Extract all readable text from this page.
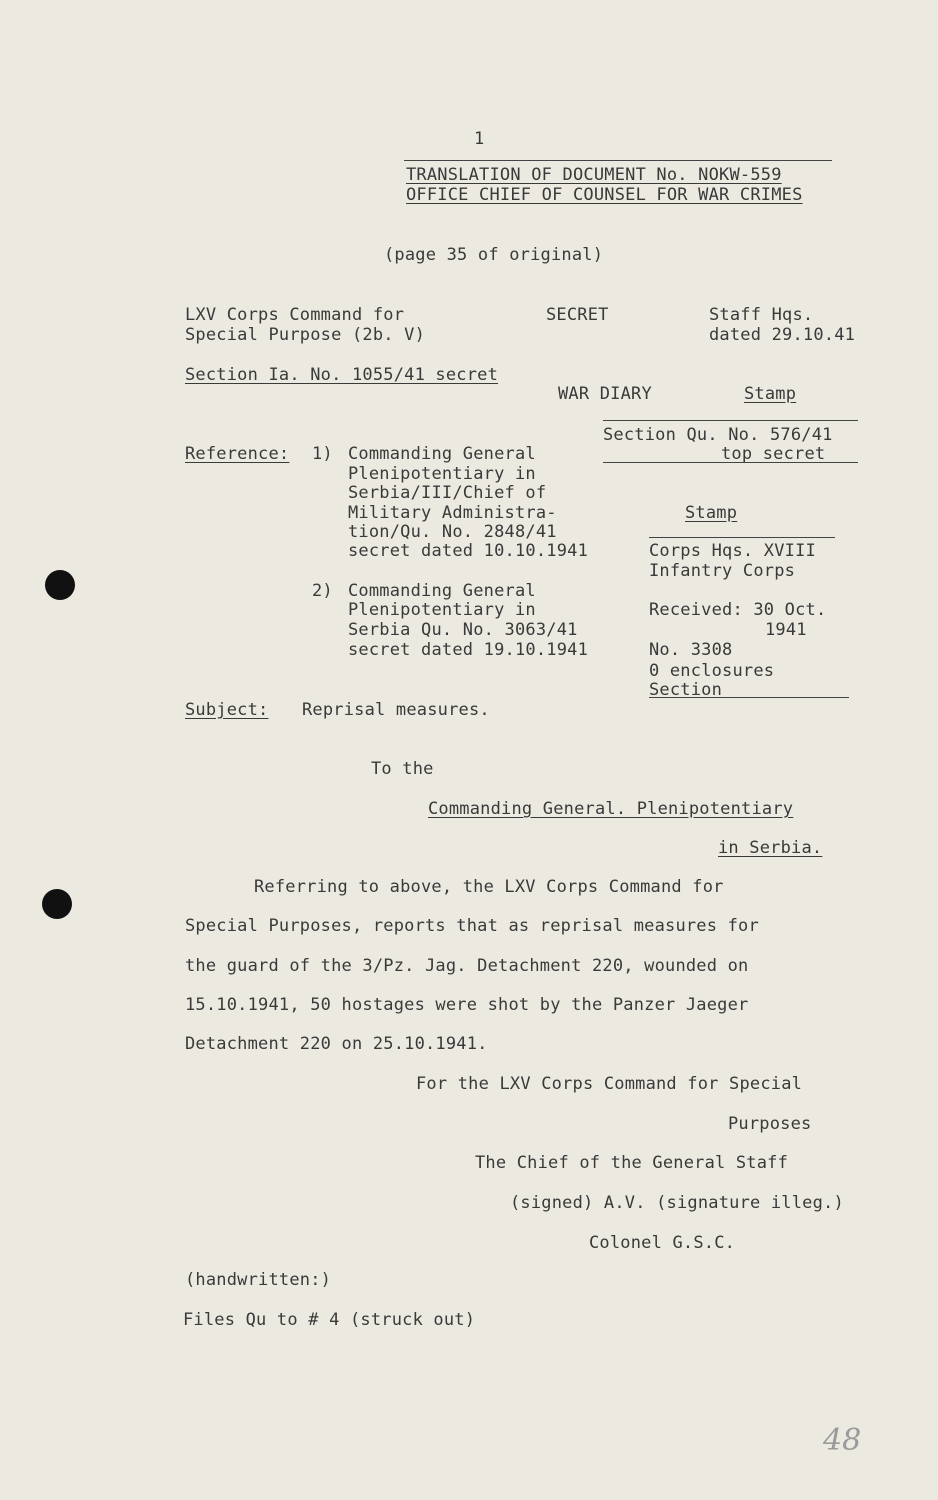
1
TRANSLATION OF DOCUMENT No. NOKW-559
OFFICE CHIEF OF COUNSEL FOR WAR CRIMES
(page 35 of original)
LXV Corps Command for
Special Purpose (2b. V)
SECRET	Staff Hqs.
dated 29.10.41
Section Ia. No. 1055/41 secret
WAR DIARY	Stamp
Section Qu. No. 576/41
top secret
Reference: 1) Commanding General
Plenipotentiary in
Serbia/III/Chief of
Military Administra-
tion/Qu. No. 2848/41
secret dated 10.10.1941
2) Commanding General
Plenipotentiary in
Serbia Qu. No. 3063/41
secret dated 19.10.1941
Stamp
Corps Hqs. XVIII
Infantry Corps
Received: 30 Oct.
1941
No. 3308
0 enclosures
Section
Subject: Reprisal measures.
To the
Commanding General. Plenipotentiary
in Serbia.
Referring to above, the LXV Corps Command for
Special Purposes, reports that as reprisal measures for
the guard of the 3/Pz. Jag. Detachment 220, wounded on
15.10.1941, 50 hostages were shot by the Panzer Jaeger
Detachment 220 on 25.10.1941.
For the LXV Corps Command for Special
Purposes
The Chief of the General Staff
(signed) A.V. (signature illeg.)
Colonel G.S.C.
(handwritten:)
Files Qu to # 4 (struck out)
48
